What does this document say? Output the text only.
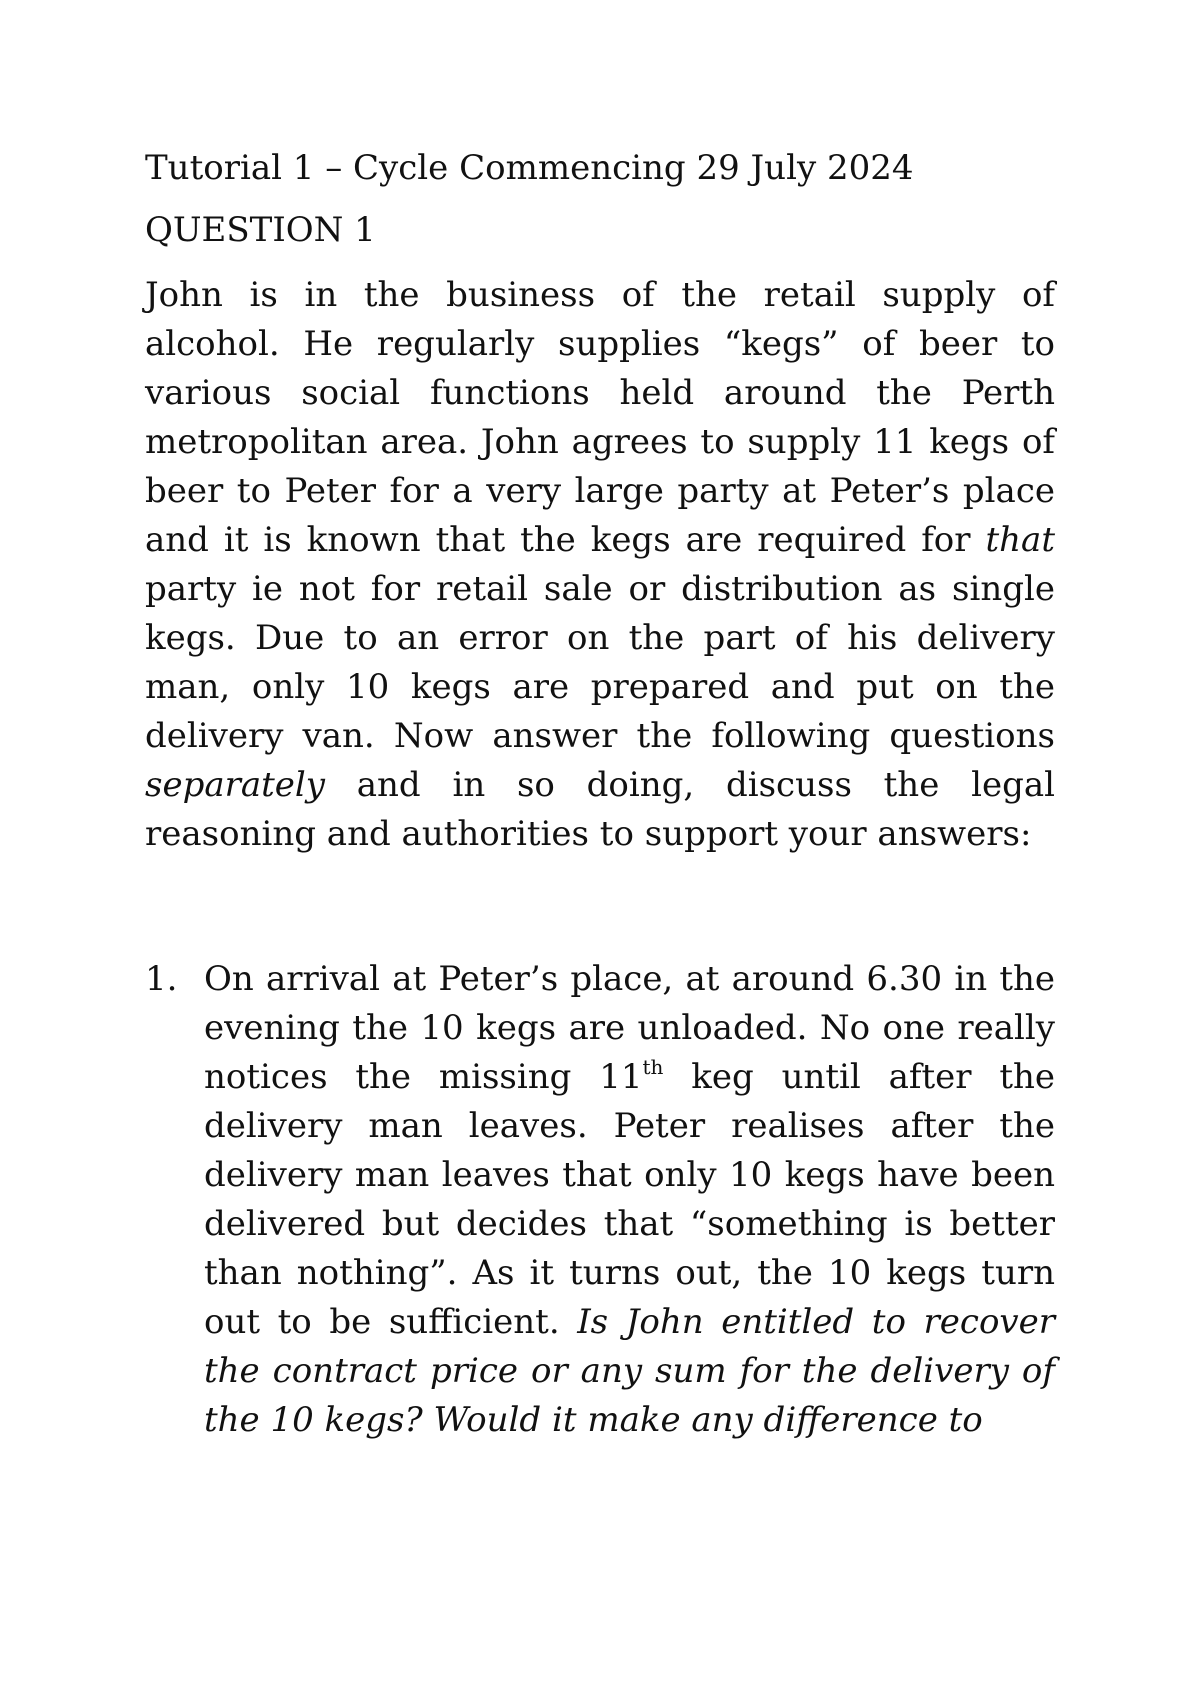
Tutorial 1 – Cycle Commencing 29 July 2024

QUESTION 1

John is in the business of the retail supply of alcohol. He regularly supplies “kegs” of beer to various social functions held around the Perth metropolitan area. John agrees to supply 11 kegs of beer to Peter for a very large party at Peter’s place and it is known that the kegs are required for that party ie not for retail sale or distribution as single kegs. Due to an error on the part of his delivery man, only 10 kegs are prepared and put on the delivery van. Now answer the following questions separately and in so doing, discuss the legal reasoning and authorities to support your answers:

1. On arrival at Peter’s place, at around 6.30 in the evening the 10 kegs are unloaded. No one really notices the missing 11th keg until after the delivery man leaves. Peter realises after the delivery man leaves that only 10 kegs have been delivered but decides that “something is better than nothing”. As it turns out, the 10 kegs turn out to be sufficient. Is John entitled to recover the contract price or any sum for the delivery of the 10 kegs? Would it make any difference to
